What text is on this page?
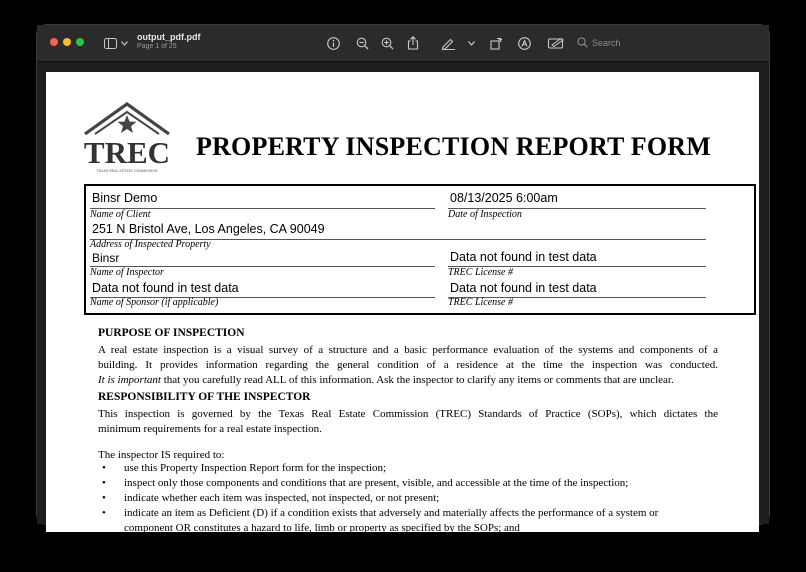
output_pdf.pdf
Page 1 of 25	Search
TREC
TEXAS REAL ESTATE COMMISSION
PROPERTY INSPECTION REPORT FORM
Binsr Demo	08/13/2025 6:00am
Name of Client	Date of Inspection
251 N Bristol Ave, Los Angeles, CA 90049
Address of Inspected Property
Binsr	Data not found in test data
Name of Inspector	TREC License #
Data not found in test data	Data not found in test data
Name of Sponsor (if applicable)	TREC License #
PURPOSE OF INSPECTION
A real estate inspection is a visual survey of a structure and a basic performance evaluation of the systems and components of a
building. It provides information regarding the general condition of a residence at the time the inspection was conducted.
It is important that you carefully read ALL of this information. Ask the inspector to clarify any items or comments that are unclear.
RESPONSIBILITY OF THE INSPECTOR
This inspection is governed by the Texas Real Estate Commission (TREC) Standards of Practice (SOPs), which dictates the
minimum requirements for a real estate inspection.
The inspector IS required to:
• use this Property Inspection Report form for the inspection;
• inspect only those components and conditions that are present, visible, and accessible at the time of the inspection;
• indicate whether each item was inspected, not inspected, or not present;
• indicate an item as Deficient (D) if a condition exists that adversely and materially affects the performance of a system or
component OR constitutes a hazard to life, limb or property as specified by the SOPs; and
